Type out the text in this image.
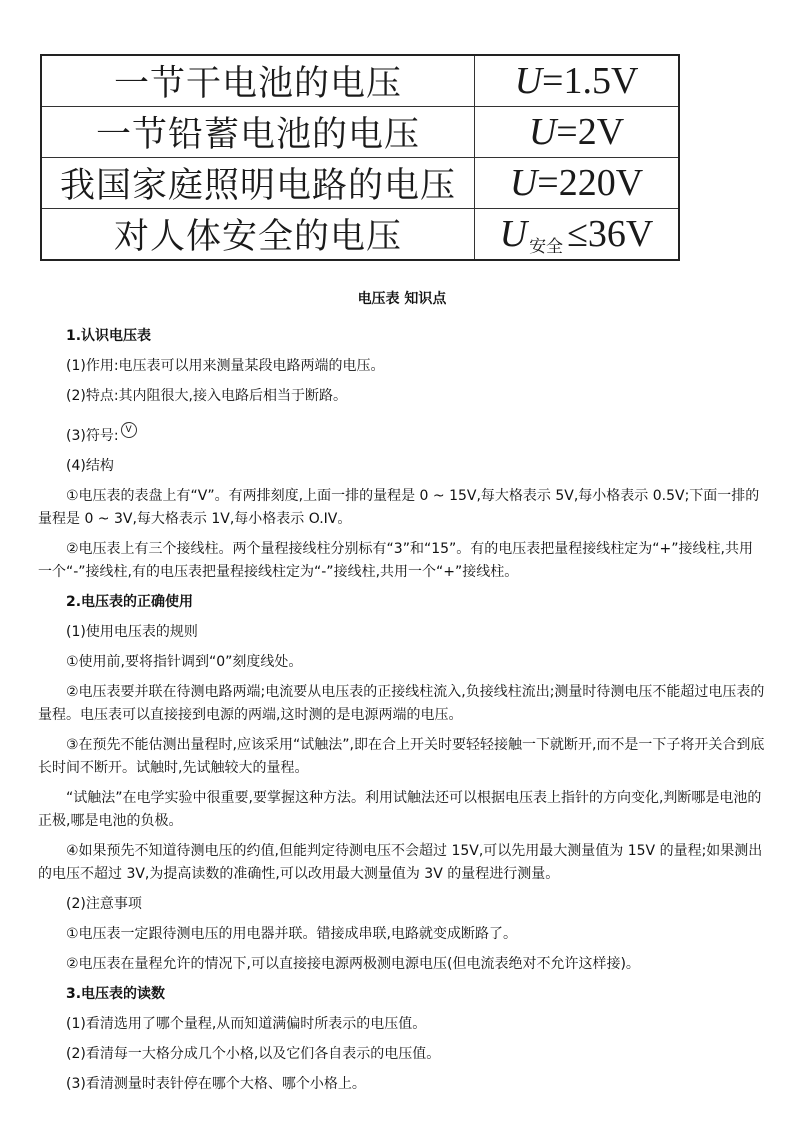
一节干电池的电压	U=1.5V
一节铅蓄电池的电压	U=2V
我国家庭照明电路的电压	U=220V
对人体安全的电压	U $_{安全}$ ≤36V

电压表 知识点

1.认识电压表

(1)作用:电压表可以用来测量某段电路两端的电压。

(2)特点:其内阻很大,接入电路后相当于断路。

(3)符号: V

(4)结构

①电压表的表盘上有“V”。有两排刻度,上面一排的量程是 0 ~ 15V,每大格表示 5V,每小格表示 0.5V;下面一排的量程是 0 ~ 3V,每大格表示 1V,每小格表示 O.IV。

②电压表上有三个接线柱。两个量程接线柱分别标有“3”和“15”。有的电压表把量程接线柱定为“+”接线柱,共用一个“-”接线柱,有的电压表把量程接线柱定为“-”接线柱,共用一个“+”接线柱。

2.电压表的正确使用

(1)使用电压表的规则

①使用前,要将指针调到“0”刻度线处。

②电压表要并联在待测电路两端;电流要从电压表的正接线柱流入,负接线柱流出;测量时待测电压不能超过电压表的量程。电压表可以直接接到电源的两端,这时测的是电源两端的电压。

③在预先不能估测出量程时,应该采用“试触法”,即在合上开关时要轻轻接触一下就断开,而不是一下子将开关合到底长时间不断开。试触时,先试触较大的量程。

“试触法”在电学实验中很重要,要掌握这种方法。利用试触法还可以根据电压表上指针的方向变化,判断哪是电池的正极,哪是电池的负极。

④如果预先不知道待测电压的约值,但能判定待测电压不会超过 15V,可以先用最大测量值为 15V 的量程;如果测出的电压不超过 3V,为提高读数的准确性,可以改用最大测量值为 3V 的量程进行测量。

(2)注意事项

①电压表一定跟待测电压的用电器并联。错接成串联,电路就变成断路了。

②电压表在量程允许的情况下,可以直接接电源两极测电源电压(但电流表绝对不允许这样接)。

3.电压表的读数

(1)看清选用了哪个量程,从而知道满偏时所表示的电压值。

(2)看清每一大格分成几个小格,以及它们各自表示的电压值。

(3)看清测量时表针停在哪个大格、哪个小格上。
